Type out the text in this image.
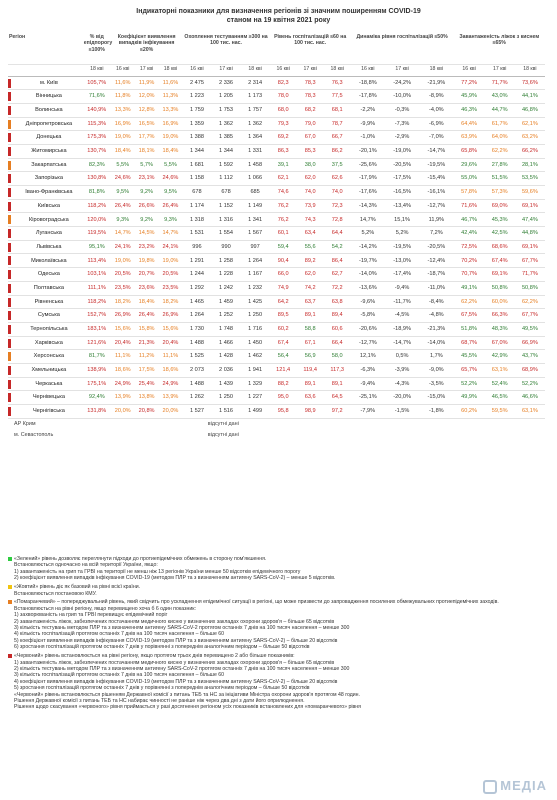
Індикаторні показники для визначення регіонів зі значним поширенням COVID-19
станом на 19 квітня 2021 року
Регіон	% від епідпорогу ≤100%	Коефіцієнт виявлення випадків інфікування ≤20%			Охоплення тестуванням ≥300 на 100 тис. нас.			Рівень госпіталізацій ≤60 на 100 тис. нас.			Динаміка рівня госпіталізацій ≤50%			Завантаженість ліжок з киснем ≤65%		
	18 кві	16 кві	17 кві	18 кві	16 кві	17 кві	18 кві	16 кві	17 кві	18 кві	16 кві	17 кві	18 кві	16 кві	17 кві	18 кві

м. Київ	105,7%	11,6%	11,9%	11,6%	2 475	2 336	2 314	82,3	78,3	76,3	-18,8%	-24,2%	-21,9%	77,2%	71,7%	73,6%

Вінницька	71,6%	11,8%	12,0%	11,3%	1 223	1 205	1 173	78,0	78,3	77,5	-17,8%	-10,0%	-8,9%	45,9%	43,0%	44,1%

Волинська	140,9%	13,3%	12,8%	13,3%	1 759	1 753	1 757	68,0	68,2	68,1	-2,2%	-0,3%	-4,0%	46,3%	44,7%	46,8%

Дніпропетровська	115,3%	16,9%	16,5%	16,9%	1 359	1 362	1 362	79,3	79,0	78,7	-9,9%	-7,3%	-6,9%	64,4%	61,7%	62,1%

Донецька	175,3%	19,0%	17,7%	19,0%	1 388	1 385	1 364	69,2	67,0	66,7	-1,0%	-2,9%	-7,0%	63,9%	64,0%	63,2%

Житомирська	130,7%	18,4%	18,1%	18,4%	1 344	1 344	1 331	86,3	85,3	86,2	-20,1%	-19,0%	-14,7%	65,8%	62,2%	66,2%

Закарпатська	82,3%	5,5%	5,7%	5,5%	1 681	1 592	1 458	39,1	38,0	37,5	-25,6%	-20,5%	-19,5%	29,6%	27,8%	28,1%

Запорізька	130,8%	24,6%	23,1%	24,6%	1 158	1 112	1 066	62,1	62,0	62,6	-17,9%	-17,5%	-15,4%	55,0%	51,5%	53,5%

Івано-Франківська	81,8%	9,5%	9,2%	9,5%	678	678	685	74,6	74,0	74,0	-17,6%	-16,5%	-16,1%	57,8%	57,3%	59,6%

Київська	118,2%	26,4%	26,6%	26,4%	1 174	1 152	1 149	76,2	73,9	72,3	-14,3%	-13,4%	-12,7%	71,6%	69,0%	69,1%

Кіровоградська	120,0%	9,3%	9,2%	9,3%	1 318	1 316	1 341	76,2	74,3	72,8	14,7%	15,1%	11,9%	46,7%	45,3%	47,4%

Луганська	119,5%	14,7%	14,5%	14,7%	1 531	1 554	1 567	60,1	63,4	64,4	5,2%	5,2%	7,2%	42,4%	42,5%	44,8%

Львівська	95,1%	24,1%	23,2%	24,1%	996	990	997	59,4	55,6	54,2	-14,2%	-19,5%	-20,5%	72,5%	68,6%	69,1%

Миколаївська	113,4%	19,0%	19,8%	19,0%	1 291	1 258	1 264	90,4	89,2	86,4	-19,7%	-13,0%	-12,4%	70,2%	67,4%	67,7%

Одеська	103,1%	20,5%	20,7%	20,5%	1 244	1 228	1 167	66,0	62,0	62,7	-14,0%	-17,4%	-18,7%	70,7%	69,1%	71,7%

Полтавська	111,1%	23,5%	23,6%	23,5%	1 292	1 242	1 232	74,9	74,2	72,2	-13,6%	-9,4%	-11,0%	49,1%	50,8%	50,8%

Рівненська	118,2%	18,2%	18,4%	18,2%	1 465	1 459	1 425	64,2	63,7	63,8	-9,6%	-11,7%	-8,4%	62,2%	60,0%	62,2%

Сумська	152,7%	26,9%	26,4%	26,9%	1 264	1 252	1 250	89,5	89,1	89,4	-5,8%	-4,5%	-4,8%	67,5%	66,3%	67,7%

Тернопільська	183,1%	15,6%	15,8%	15,6%	1 730	1 748	1 716	60,2	58,8	60,6	-20,6%	-18,9%	-21,3%	51,8%	48,3%	49,5%

Харківська	121,6%	20,4%	21,3%	20,4%	1 488	1 466	1 450	67,4	67,1	66,4	-12,7%	-14,7%	-14,0%	68,7%	67,0%	66,9%

Херсонська	81,7%	11,1%	11,2%	11,1%	1 525	1 428	1 462	56,4	56,9	58,0	12,1%	0,5%	1,7%	45,5%	42,9%	43,7%

Хмельницька	138,9%	18,6%	17,5%	18,6%	2 073	2 036	1 941	121,4	119,4	117,3	-6,3%	-3,9%	-9,0%	65,7%	63,1%	68,9%

Черкаська	175,1%	24,9%	25,4%	24,9%	1 488	1 439	1 329	88,2	89,1	89,1	-9,4%	-4,3%	-3,5%	52,2%	52,4%	52,2%

Чернівецька	92,4%	13,9%	13,8%	13,9%	1 262	1 250	1 227	95,0	63,6	64,5	-25,1%	-20,0%	-15,0%	49,9%	46,5%	46,6%

Чернігівська	131,8%	20,0%	20,8%	20,0%	1 527	1 516	1 499	95,8	98,9	97,2	-7,9%	-1,5%	-1,8%	60,2%	59,5%	63,1%
АР Крим	відсутні дані															
м. Севастополь	відсутні дані															

«Зелений» рівень дозволяє переглянути підходи до протиепідемічних обмежень в сторону пом'якшення.

Встановлюється одночасно на всій території України, якщо:

1) завантаженість на грип та ГРВІ на території не менш ніж 13 регіонів України менше 50 відсотків епідемічного порогу

2) коефіцієнт виявлення випадків інфікування COVID-19 (методом ПЛР та з визначенням антигену SARS-CoV-2) – менше 5 відсотків.

«Жовтий» рівень діє як базовий на рівні всієї країни.

Встановлюється постановою КМУ.

«Помаранчевий» – попереджувальний рівень, який свідчить про ускладнення епідемічної ситуації в регіоні, що може призвести до запровадження посилених обмежувальних протиепідемічних заходів.

Встановлюється на рівні регіону, якщо перевищено хоча б 6 один показник:

1) захворюваність на грип та ГРВІ перевищує епідемічний поріг

2) завантаженість ліжок, забезпечених постачанням медичного кисню у визначених закладах охорони здоров'я – більше 65 відсотків

3) кількість тестувань методом ПЛР та з визначенням антигену SARS-CoV-2 протягом останніх 7 днів на 100 тисяч населення – менше 300

4) кількість госпіталізацій протягом останніх 7 днів на 100 тисяч населення – більше 60

5) коефіцієнт виявлення випадків інфікування COVID-19 (методом ПЛР та з визначенням антигену SARS-CoV-2) – більше 20 відсотків

6) зростання госпіталізацій протягом останніх 7 днів у порівнянні з попереднім аналогічним періодом – більше 50 відсотків

«Червоний» рівень встановлюється на рівні регіону, якщо протягом трьох днів перевищено 2 або більше показників:

1) завантаженість ліжок, забезпечених постачанням медичного кисню у визначених закладах охорони здоров'я – більше 65 відсотків

2) кількість тестувань методом ПЛР та з визначенням антигену SARS-CoV-2 протягом останніх 7 днів на 100 тисяч населення – менше 300

3) кількість госпіталізацій протягом останніх 7 днів на 100 тисяч населення – більше 60

4) коефіцієнт виявлення випадків інфікування COVID-19 (методом ПЛР та з визначенням антигену SARS-CoV-2) – більше 20 відсотків

5) зростання госпіталізацій протягом останніх 7 днів у порівнянні з попереднім аналогічним періодом – більше 50 відсотків

«Червоний» рівень встановлюється рішенням Державної комісії з питань ТЕБ та НС за ініціативи Міністра охорони здоров'я протягом 48 годин.

Рішення Державної комісії з питань ТЕБ та НС набирає чинності не раніше ніж через два дні з дати його оприлюднення.

Рішення щодо скасування «червоного» рівня приймається у разі досягнення регіоном усіх показників встановлених для «помаранчевого» рівня

МЕДІА
